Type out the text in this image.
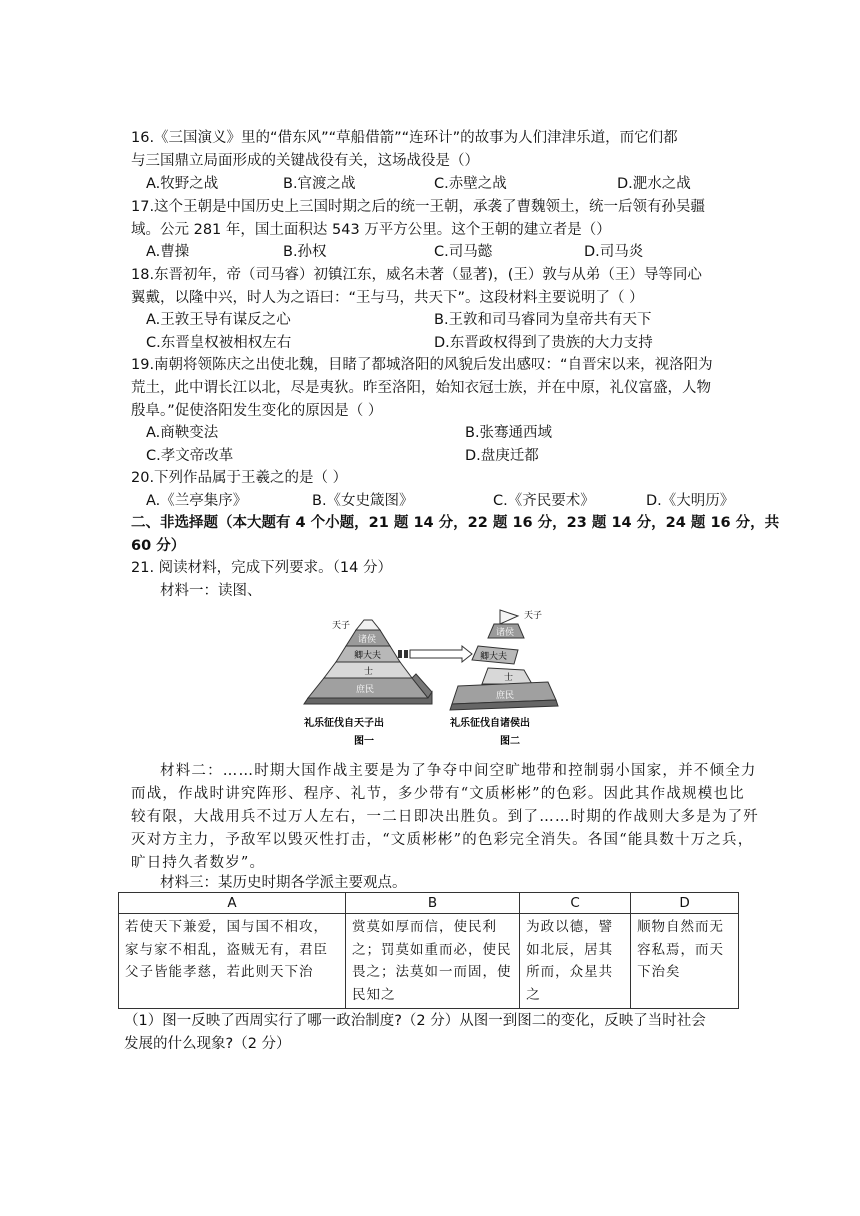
16.《三国演义》里的“借东风”“草船借箭”“连环计”的故事为人们津津乐道，而它们都
与三国鼎立局面形成的关键战役有关，这场战役是（）
A.牧野之战	B.官渡之战	C.赤壁之战	D.淝水之战
17.这个王朝是中国历史上三国时期之后的统一王朝，承袭了曹魏领土，统一后领有孙吴疆
域。公元 281 年，国土面积达 543 万平方公里。这个王朝的建立者是（）
A.曹操	B.孙权	C.司马懿	D.司马炎
18.东晋初年，帝（司马睿）初镇江东，威名未著（显著)，(王）敦与从弟（王）导等同心
翼戴，以隆中兴，时人为之语曰：“王与马，共天下”。这段材料主要说明了（ ）
A.王敦王导有谋反之心	B.王敦和司马睿同为皇帝共有天下
C.东晋皇权被相权左右	D.东晋政权得到了贵族的大力支持
19.南朝将领陈庆之出使北魏，目睹了都城洛阳的风貌后发出感叹：“自晋宋以来，视洛阳为
荒土，此中谓长江以北，尽是夷狄。昨至洛阳，始知衣冠士族，并在中原，礼仪富盛，人物
殷阜。”促使洛阳发生变化的原因是（ ）
A.商鞅变法	B.张骞通西域
C.孝文帝改革	D.盘庚迁都
20.下列作品属于王羲之的是（ ）
A.《兰亭集序》	B.《女史箴图》	C.《齐民要术》	D.《大明历》
二、非选择题（本大题有 4 个小题，21 题 14 分，22 题 16 分，23 题 14 分，24 题 16 分，共
60 分）
21. 阅读材料，完成下列要求。（14 分）
材料一：读图、
天子
诸侯
卿大夫
士
庶民
天子
诸侯
卿大夫
士
庶民
礼乐征伐自天子出
图一
礼乐征伐自诸侯出
图二
材料二：……时期大国作战主要是为了争夺中间空旷地带和控制弱小国家，并不倾全力
而战，作战时讲究阵形、程序、礼节，多少带有“文质彬彬”的色彩。因此其作战规模也比
较有限，大战用兵不过万人左右，一二日即决出胜负。到了……时期的作战则大多是为了歼
灭对方主力，予敌军以毁灭性打击，“文质彬彬”的色彩完全消失。各国“能具数十万之兵，
旷日持久者数岁”。
材料三：某历史时期各学派主要观点。
A	B	C	D
若使天下兼爱，国与国不相攻，家与家不相乱，盗贼无有，君臣父子皆能孝慈，若此则天下治	赏莫如厚而信，使民利之；罚莫如重而必，使民畏之；法莫如一而固，使民知之	为政以德，譬如北辰，居其所而，众星共之	顺物自然而无容私焉，而天下治矣
（1）图一反映了西周实行了哪一政治制度?（2 分）从图一到图二的变化，反映了当时社会
发展的什么现象?（2 分）
